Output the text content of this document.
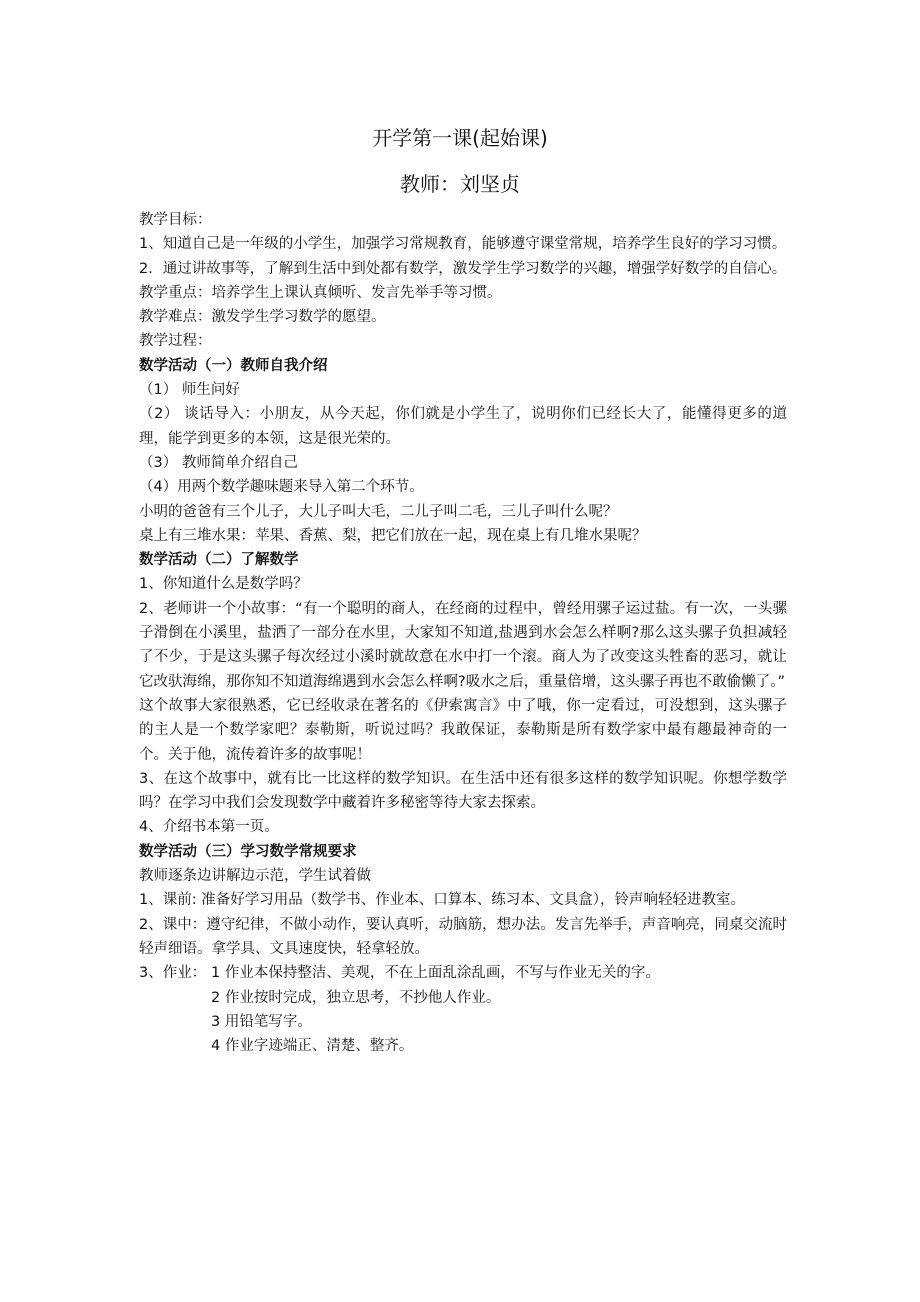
开学第一课(起始课)
教师：刘坚贞

教学目标：

1、知道自己是一年级的小学生，加强学习常规教育，能够遵守课堂常规，培养学生良好的学习习惯。

2．通过讲故事等，了解到生活中到处都有数学，激发学生学习数学的兴趣，增强学好数学的自信心。

教学重点：培养学生上课认真倾听、发言先举手等习惯。

教学难点：激发学生学习数学的愿望。

教学过程：

数学活动（一）教师自我介绍

（1） 师生问好

（2） 谈话导入：小朋友，从今天起，你们就是小学生了，说明你们已经长大了，能懂得更多的道理，能学到更多的本领，这是很光荣的。

（3） 教师简单介绍自己

（4）用两个数学趣味题来导入第二个环节。

小明的爸爸有三个儿子，大儿子叫大毛，二儿子叫二毛，三儿子叫什么呢？

桌上有三堆水果：苹果、香蕉、梨，把它们放在一起，现在桌上有几堆水果呢？

数学活动（二）了解数学

1、你知道什么是数学吗？

2、老师讲一个小故事：“有一个聪明的商人，在经商的过程中，曾经用骡子运过盐。有一次，一头骡子滑倒在小溪里，盐洒了一部分在水里，大家知不知道,盐遇到水会怎么样啊?那么这头骡子负担减轻了不少，于是这头骡子每次经过小溪时就故意在水中打一个滚。商人为了改变这头牲畜的恶习，就让它改驮海绵，那你知不知道海绵遇到水会怎么样啊?吸水之后，重量倍增，这头骡子再也不敢偷懒了。”

这个故事大家很熟悉，它已经收录在著名的《伊索寓言》中了哦，你一定看过，可没想到，这头骡子的主人是一个数学家吧？泰勒斯，听说过吗？我敢保证，泰勒斯是所有数学家中最有趣最神奇的一个。关于他，流传着许多的故事呢！

3、在这个故事中，就有比一比这样的数学知识。在生活中还有很多这样的数学知识呢。你想学数学吗？在学习中我们会发现数学中藏着许多秘密等待大家去探索。

4、介绍书本第一页。

数学活动（三）学习数学常规要求

教师逐条边讲解边示范，学生试着做

1、课前: 准备好学习用品（数学书、作业本、口算本、练习本、文具盒），铃声响轻轻进教室。

2、课中：遵守纪律，不做小动作，要认真听，动脑筋，想办法。发言先举手，声音响亮，同桌交流时轻声细语。拿学具、文具速度快，轻拿轻放。

3、作业： 1 作业本保持整洁、美观，不在上面乱涂乱画，不写与作业无关的字。

2 作业按时完成，独立思考，不抄他人作业。

3 用铅笔写字。

4 作业字迹端正、清楚、整齐。
